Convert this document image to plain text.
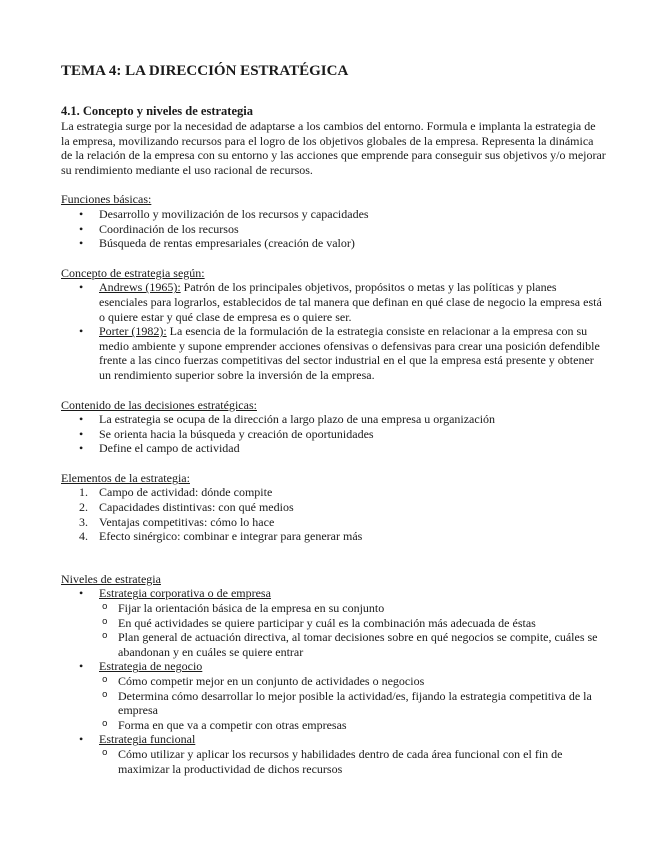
TEMA 4: LA DIRECCIÓN ESTRATÉGICA
4.1. Concepto y niveles de estrategia

La estrategia surge por la necesidad de adaptarse a los cambios del entorno. Formula e implanta la estrategia de la empresa, movilizando recursos para el logro de los objetivos globales de la empresa. Representa la dinámica de la relación de la empresa con su entorno y las acciones que emprende para conseguir sus objetivos y/o mejorar su rendimiento mediante el uso racional de recursos.

Funciones básicas:

• Desarrollo y movilización de los recursos y capacidades
• Coordinación de los recursos
• Búsqueda de rentas empresariales (creación de valor)

Concepto de estrategia según:

• Andrews (1965): Patrón de los principales objetivos, propósitos o metas y las políticas y planes esenciales para lograrlos, establecidos de tal manera que definan en qué clase de negocio la empresa está o quiere estar y qué clase de empresa es o quiere ser.
• Porter (1982): La esencia de la formulación de la estrategia consiste en relacionar a la empresa con su medio ambiente y supone emprender acciones ofensivas o defensivas para crear una posición defendible frente a las cinco fuerzas competitivas del sector industrial en el que la empresa está presente y obtener un rendimiento superior sobre la inversión de la empresa.

Contenido de las decisiones estratégicas:

• La estrategia se ocupa de la dirección a largo plazo de una empresa u organización
• Se orienta hacia la búsqueda y creación de oportunidades
• Define el campo de actividad

Elementos de la estrategia:

1. Campo de actividad: dónde compite
2. Capacidades distintivas: con qué medios
3. Ventajas competitivas: cómo lo hace
4. Efecto sinérgico: combinar e integrar para generar más

Niveles de estrategia

• Estrategia corporativa o de empresa
o Fijar la orientación básica de la empresa en su conjunto
o En qué actividades se quiere participar y cuál es la combinación más adecuada de éstas
o Plan general de actuación directiva, al tomar decisiones sobre en qué negocios se compite, cuáles se abandonan y en cuáles se quiere entrar
• Estrategia de negocio
o Cómo competir mejor en un conjunto de actividades o negocios
o Determina cómo desarrollar lo mejor posible la actividad/es, fijando la estrategia competitiva de la empresa
o Forma en que va a competir con otras empresas
• Estrategia funcional
o Cómo utilizar y aplicar los recursos y habilidades dentro de cada área funcional con el fin de maximizar la productividad de dichos recursos
